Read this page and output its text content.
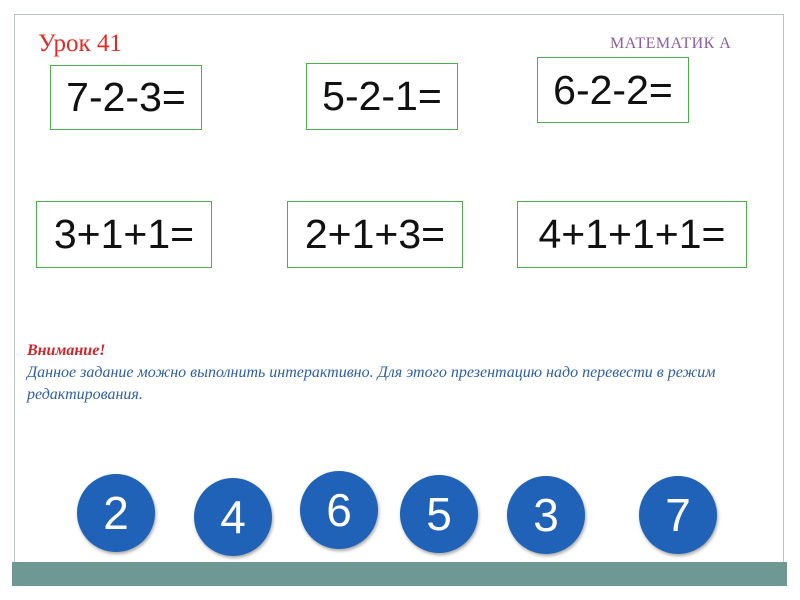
Урок 41	МАТЕМАТИК А
7-2-3=	5-2-1=	6-2-2=
3+1+1=	2+1+3=	4+1+1+1=
Внимание!
Данное задание можно выполнить интерактивно. Для этого презентацию надо перевести в режим редактирования.
2	4	6	5	3	7
